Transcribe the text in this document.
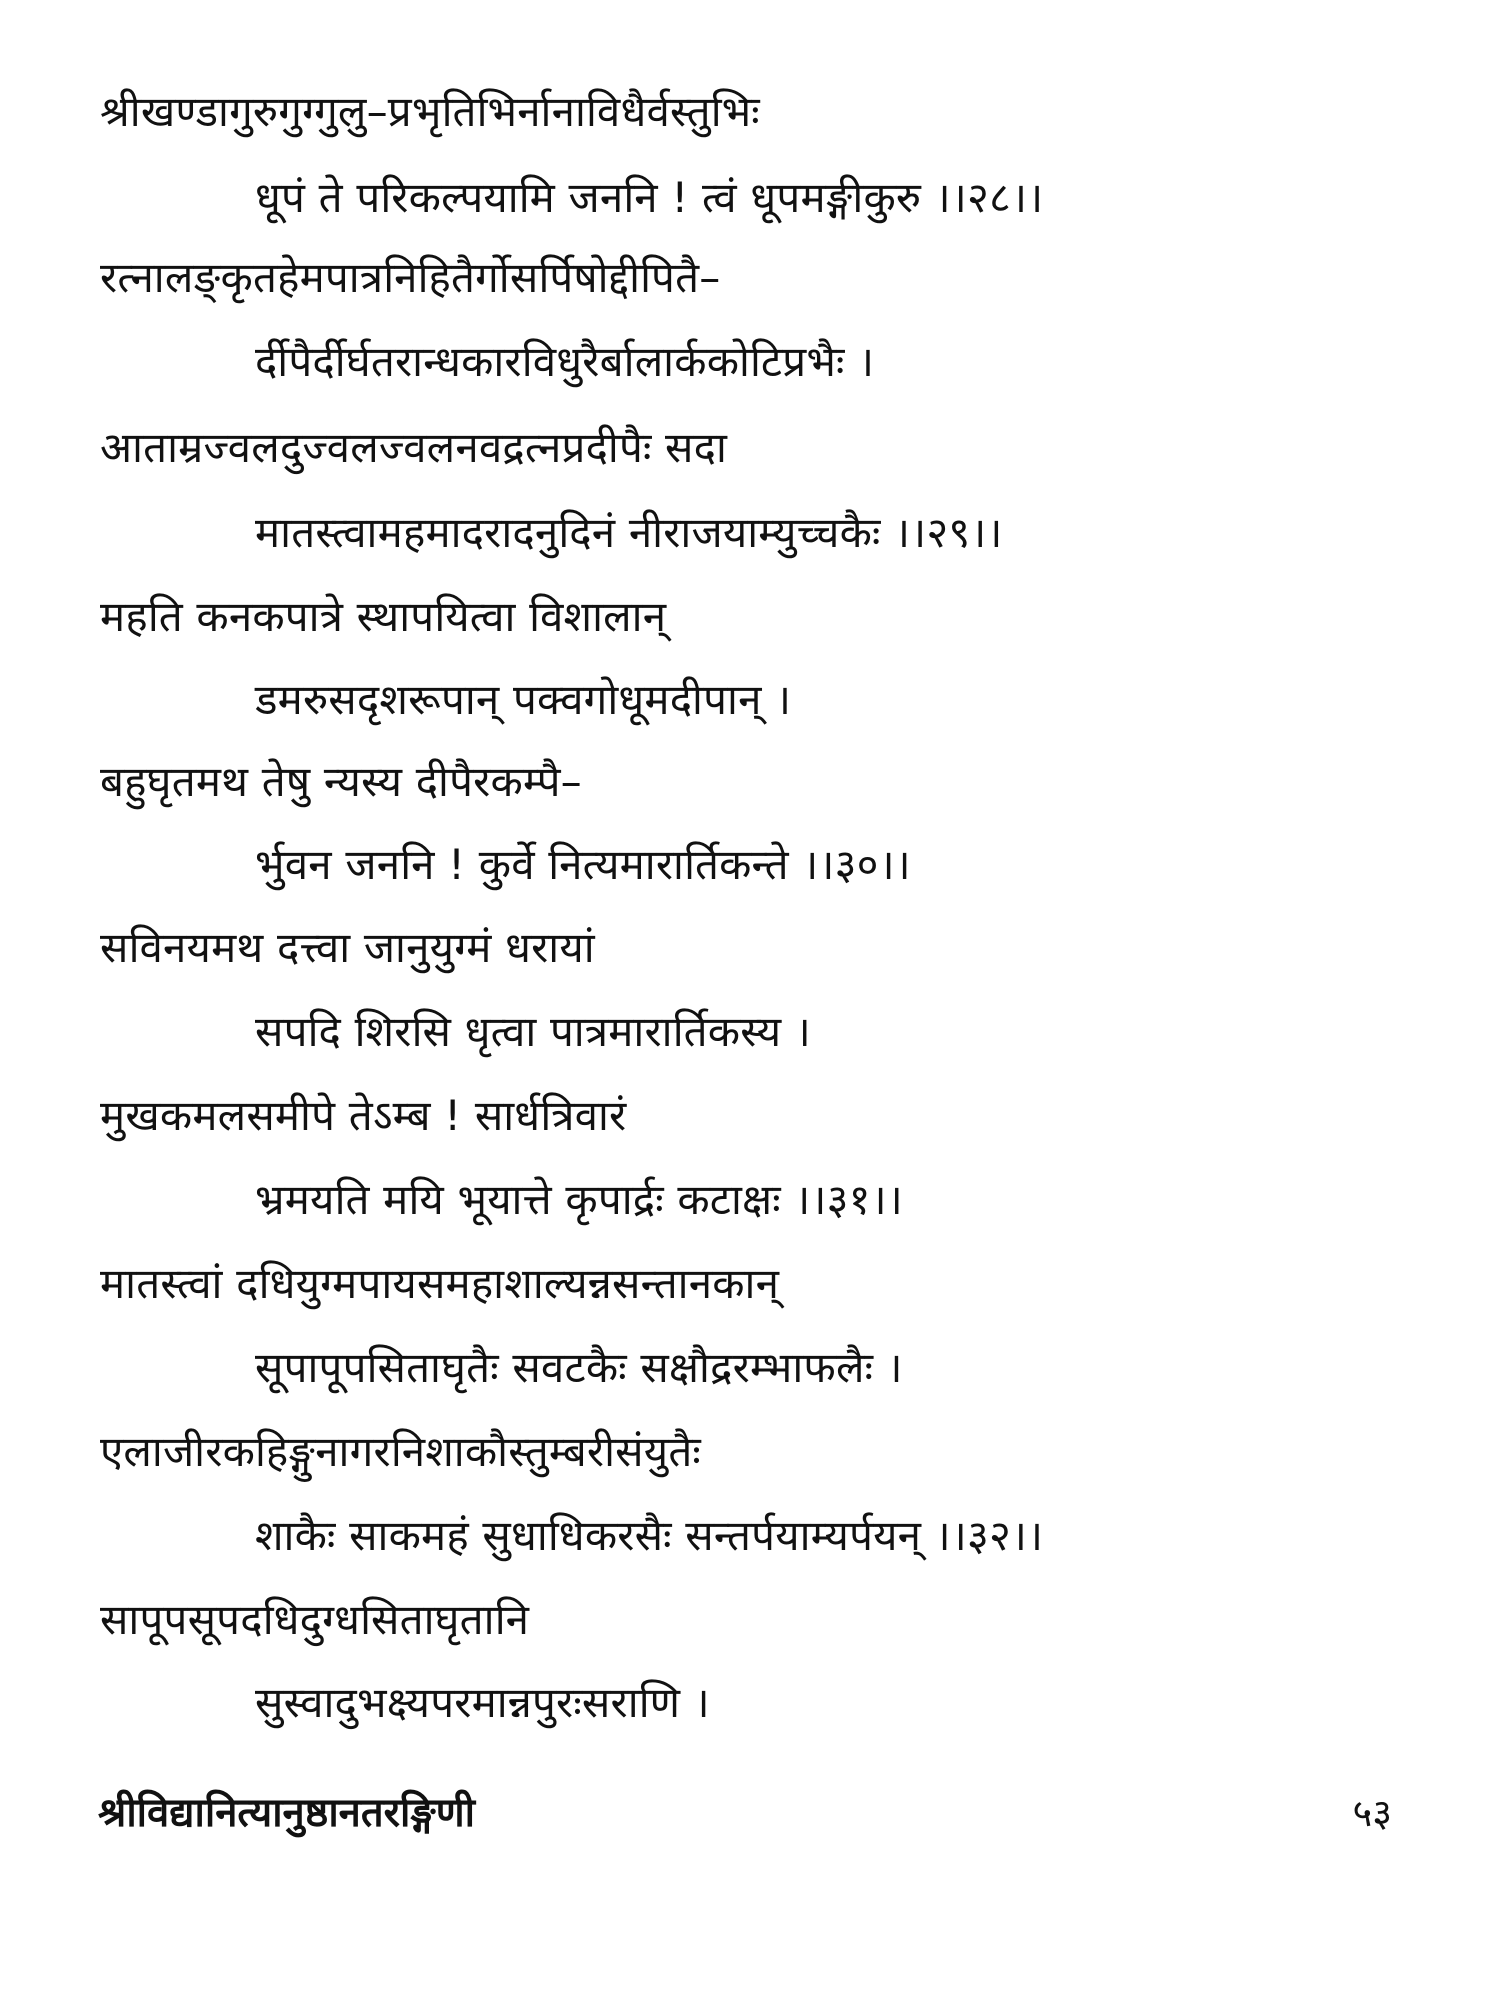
श्रीखण्डागुरुगुग्गुलु–प्रभृतिभिर्नानाविधैर्वस्तुभिः
धूपं ते परिकल्पयामि जननि ! त्वं धूपमङ्गीकुरु ।।२८।।
रत्नालङ्कृतहेमपात्रनिहितैर्गोसर्पिषोद्दीपितै–
र्दीपैर्दीर्घतरान्धकारविधुरैर्बालार्ककोटिप्रभैः ।
आताम्रज्वलदुज्वलज्वलनवद्रत्नप्रदीपैः सदा
मातस्त्वामहमादरादनुदिनं नीराजयाम्युच्चकैः ।।२९।।
महति कनकपात्रे स्थापयित्वा विशालान्
डमरुसदृशरूपान् पक्वगोधूमदीपान् ।
बहुघृतमथ तेषु न्यस्य दीपैरकम्पै–
र्भुवन जननि ! कुर्वे नित्यमारार्तिकन्ते ।।३०।।
सविनयमथ दत्त्वा जानुयुग्मं धरायां
सपदि शिरसि धृत्वा पात्रमारार्तिकस्य ।
मुखकमलसमीपे तेऽम्ब ! सार्धत्रिवारं
भ्रमयति मयि भूयात्ते कृपार्द्रः कटाक्षः ।।३१।।
मातस्त्वां दधियुग्मपायसमहाशाल्यन्नसन्तानकान्
सूपापूपसिताघृतैः सवटकैः सक्षौद्ररम्भाफलैः ।
एलाजीरकहिङ्गुनागरनिशाकौस्तुम्बरीसंयुतैः
शाकैः साकमहं सुधाधिकरसैः सन्तर्पयाम्यर्पयन् ।।३२।।
सापूपसूपदधिदुग्धसिताघृतानि
सुस्वादुभक्ष्यपरमान्नपुरःसराणि ।
श्रीविद्यानित्यानुष्ठानतरङ्गिणी	५३
